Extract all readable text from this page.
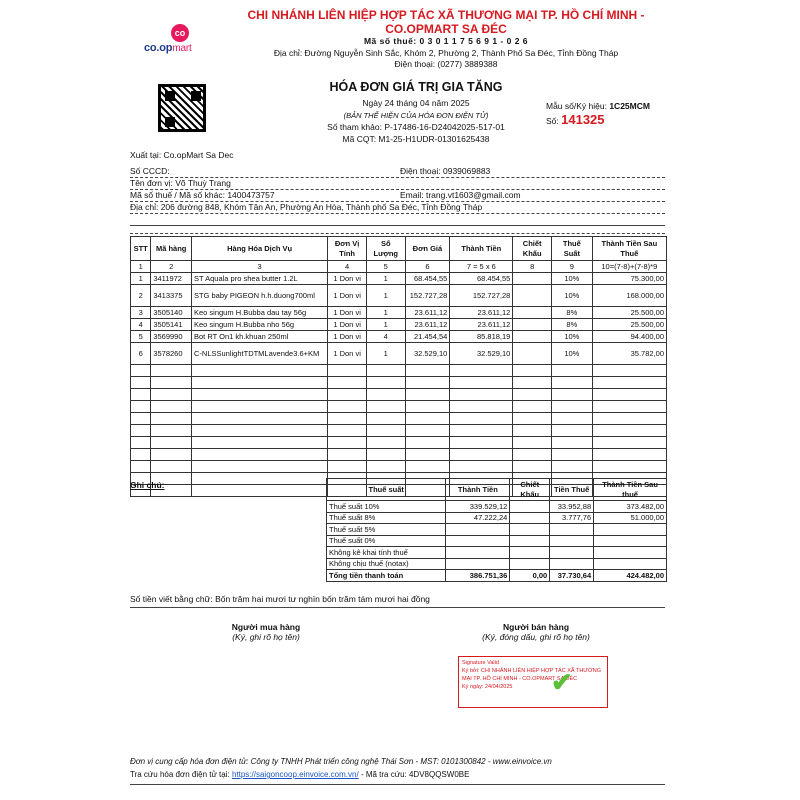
co
co.opmart
CHI NHÁNH LIÊN HIỆP HỢP TÁC XÃ THƯƠNG MẠI TP. HỒ CHÍ MINH -
CO.OPMART SA ĐÉC
Mã số thuế: 0 3 0 1 1 7 5 6 9 1 - 0 2 6
Địa chỉ: Đường Nguyễn Sinh Sắc, Khóm 2, Phường 2, Thành Phố Sa Đéc, Tỉnh Đồng Tháp
Điện thoại: (0277) 3889388
HÓA ĐƠN GIÁ TRỊ GIA TĂNG
Ngày 24 tháng 04 năm 2025
(BẢN THỂ HIỆN CỦA HÓA ĐƠN ĐIỆN TỬ)
Số tham khảo: P-17486-16-D24042025-517-01
Mã CQT: M1-25-H1UDR-01301625438
Mẫu số/Ký hiệu: 1C25MCM
Số: 141325
Xuất tại: Co.opMart Sa Dec
Số CCCD:	Điện thoại: 0939069883
Tên đơn vị: Võ Thuỳ Trang
Mã số thuế / Mã số khác: 1400473757	Email: trang.vt1603@gmail.com
Địa chỉ: 206 đường 848, Khóm Tân An, Phường An Hòa, Thành phố Sa Đéc, Tỉnh Đồng Tháp
STT	Mã hàng	Hàng Hóa Dịch Vụ	Đơn Vị Tính	Số Lượng	Đơn Giá	Thành Tiền	Chiết Khấu	Thuế Suất	Thành Tiền Sau Thuế
1	2	3	4	5	6	7 = 5 x 6	8	9	10=(7-8)+(7-8)*9
1	3411972	ST Aquala pro shea butter 1.2L	1 Don vi	1	68.454,55	68.454,55		10%	75.300,00
2	3413375	STG baby PIGEON h.h.duong700ml	1 Don vi	1	152.727,28	152.727,28		10%	168.000,00
3	3505140	Keo singum H.Bubba dau tay 56g	1 Don vi	1	23.611,12	23.611,12		8%	25.500,00
4	3505141	Keo singum H.Bubba nho 56g	1 Don vi	1	23.611,12	23.611,12		8%	25.500,00
5	3569990	Bot RT On1 kh.khuan 250ml	1 Don vi	4	21.454,54	85.818,19		10%	94.400,00
6	3578260	C-NLSSunlightTDTMLavende3.6+KM	1 Don vi	1	32.529,10	32.529,10		10%	35.782,00

Ghi chú:	Thuế suất	Thành Tiền	Chiết Khấu	Tiền Thuế	Thành Tiền Sau thuế
Thuế suất 10%	339.529,12		33.952,88	373.482,00
Thuế suất 8%	47.222,24		3.777,76	51.000,00
Thuế suất 5%				
Thuế suất 0%				
Không kê khai tính thuế				
Không chịu thuế (notax)				
Tổng tiền thanh toán	386.751,36	0,00	37.730,64	424.482,00
Số tiền viết bằng chữ: Bốn trăm hai mươi tư nghìn bốn trăm tám mươi hai đồng
Người mua hàng
(Ký, ghi rõ họ tên)
Người bán hàng
(Ký, đóng dấu, ghi rõ họ tên)
Signature Valid
Ký bởi: CHI NHÁNH LIÊN HIỆP HỢP TÁC XÃ THƯƠNG MẠI TP. HỒ CHÍ MINH - CO.OPMART SA ĐÉC
Ký ngày: 24/04/2025	✔
Đơn vị cung cấp hóa đơn điện tử: Công ty TNHH Phát triển công nghệ Thái Sơn - MST: 0101300842 - www.einvoice.vn
Tra cứu hóa đơn điện tử tại: https://saigoncoop.einvoice.com.vn/ - Mã tra cứu: 4DV8QQSW0BE
